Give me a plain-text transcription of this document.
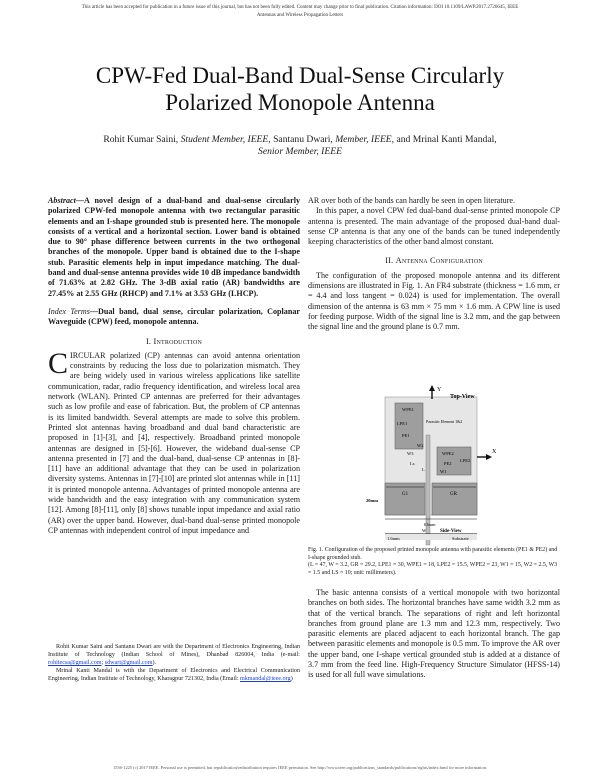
This article has been accepted for publication in a future issue of this journal, but has not been fully edited. Content may change prior to final publication. Citation information: DOI 10.1109/LAWP.2017.2726645, IEEE
Antennas and Wireless Propagation Letters
CPW-Fed Dual-Band Dual-Sense Circularly
Polarized Monopole Antenna
Rohit Kumar Saini, Student Member, IEEE, Santanu Dwari, Member, IEEE, and Mrinal Kanti Mandal,
Senior Member, IEEE

Abstract—A novel design of a dual-band and dual-sense circularly polarized CPW-fed monopole antenna with two rectangular parasitic elements and an I-shape grounded stub is presented here. The monopole consists of a vertical and a horizontal section. Lower band is obtained due to 90° phase difference between currents in the two orthogonal branches of the monopole. Upper band is obtained due to the I-shape stub. Parasitic elements help in input impedance matching. The dual-band and dual-sense antenna provides wide 10 dB impedance bandwidth of 71.63% at 2.82 GHz. The 3-dB axial ratio (AR) bandwidths are 27.45% at 2.55 GHz (RHCP) and 7.1% at 3.53 GHz (LHCP).

Index Terms—Dual band, dual sense, circular polarization, Coplanar Waveguide (CPW) feed, monopole antenna.

I. Introduction

CIRCULAR polarized (CP) antennas can avoid antenna orientation constraints by reducing the loss due to polarization mismatch. They are being widely used in various wireless applications like satellite communication, radar, radio frequency identification, and wireless local area network (WLAN). Printed CP antennas are preferred for their advantages such as low profile and ease of fabrication. But, the problem of CP antennas is its limited bandwidth. Several attempts are made to solve this problem. Printed slot antennas having broadband and dual band characteristic are proposed in [1]-[3], and [4], respectively. Broadband printed monopole antennas are designed in [5]-[6]. However, the wideband dual-sense CP antenna presented in [7] and the dual-band, dual-sense CP antennas in [8]-[11] have an additional advantage that they can be used in polarization diversity systems. Antennas in [7]-[10] are printed slot antennas while in [11] it is printed monopole antenna. Advantages of printed monopole antenna are wide bandwidth and the easy integration with any communication system [12]. Among [8]-[11], only [8] shows tunable input impedance and axial ratio (AR) over the upper band. However, dual-band dual-sense printed monopole CP antennas with independent control of input impedance and

Rohit Kumar Saini and Santanu Dwari are with the Department of Electronics Engineering, Indian Institute of Technology (Indian School of Mines), Dhanbad 826004, India (e-mail: rohitecsa@gmail.com; sdwari@gmail.com).

Mrinal Kanti Mandal is with the Department of Electronics and Electrical Communication Engineering, Indian Institute of Technology, Kharagpur 721302, India (Email: mkmandal@ieee.org)

AR over both of the bands can hardly be seen in open literature.

In this paper, a novel CPW fed dual-band dual-sense printed monopole CP antenna is presented. The main advantage of the proposed dual-band dual-sense CP antenna is that any one of the bands can be tuned independently keeping characteristics of the other band almost constant.

II. Antenna Configuration

The configuration of the proposed monopole antenna and its different dimensions are illustrated in Fig. 1. An FR4 substrate (thickness = 1.6 mm, εr = 4.4 and loss tangent = 0.024) is used for implementation. The overall dimension of the antenna is 63 mm × 75 mm × 1.6 mm. A CPW line is used for feeding purpose. Width of the signal line is 3.2 mm, and the gap between the signal line and the ground plane is 0.7 mm.

Y
Top-View
WPE1
LPE1
PE1
WPE2
LPE2
PE2
W1
Parasitic Element 1&2
X
W2
W3
Ls
L
G1	GR
20mm
63mm
W	Side-View
1.6mm	Substrate
Fig. 1. Configuration of the proposed printed monopole antenna with parasitic elements (PE1 & PE2) and I-shape grounded stub.
(L = 47, W = 3.2, GR = 29.2, LPE1 = 30, WPE1 = 18, LPE2 = 15.5, WPE2 = 23, W1 = 15, W2 = 2.5, W3 = 1.5 and LS = 10; unit: millimeters).

The basic antenna consists of a vertical monopole with two horizontal branches on both sides. The horizontal branches have same width 3.2 mm as that of the vertical branch. The separations of right and left horizontal branches from ground plane are 1.3 mm and 12.3 mm, respectively. Two parasitic elements are placed adjacent to each horizontal branch. The gap between parasitic elements and monopole is 0.5 mm. To improve the AR over the upper band, one I-shape vertical grounded stub is added at a distance of 3.7 mm from the feed line. High-Frequency Structure Simulator (HFSS-14) is used for all full wave simulations.

1536-1225 (c) 2017 IEEE. Personal use is permitted, but republication/redistribution requires IEEE permission. See http://www.ieee.org/publications_standards/publications/rights/index.html for more information.
